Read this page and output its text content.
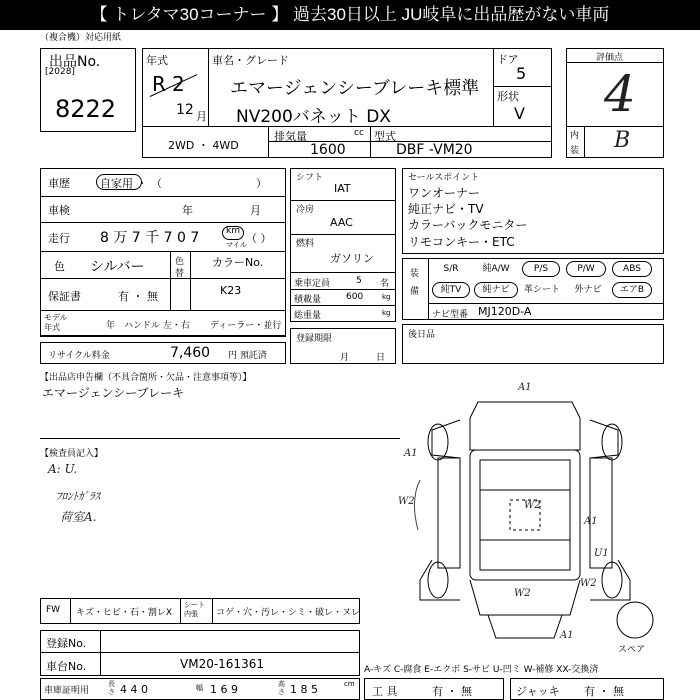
【 トレタマ30コーナー 】 過去30日以上 JU岐阜に出品歴がない車両
（複合機）対応用紙
出品No.
[2028]
8222
年式
R 2
12 月
車名・グレード
エマージェンシーブレーキ標準
NV200バネット DX
ドア
5
形状
V
2WD ・ 4WD
排気量	cc
1600
型式
DBF -VM20
評価点
4
内
装 B
車歴	自家用 ・ （	）
車検	年	月
走行 8 万 7 千 7 0 7	km
マイル （ ）
色 シルバー	色
替
カラーNo.
保証書	有 ・ 無	K23
モデル
年式	年 ハンドル 左・右 ディーラー・並行
リサイクル料金	7,460 円 預託済
シフト
IAT
冷房
AAC
燃料
ガソリン
乗車定員	5 名
積載量	600	kg
総重量	kg
登録期限
月	日
セールスポイント
ワンオーナー
純正ナビ・TV
カラーバックモニター
リモコンキー・ETC
装
備
S/R	純A/W	P/S	P/W	ABS
純TV	純ナビ	革シート	外ナビ	エアB
ナビ型番 MJ120D-A
後日品
【出品店申告欄（不具合箇所・欠品・注意事項等）】
エマージェンシーブレーキ
【検査員記入】
A: U.
ﾌﾛﾝﾄｶﾞﾗｽ
荷室A.
A1
A1
W2	W2
A1
U1
W2
W2
A1
スペア
FW キズ・ヒビ・石・割レX
シート 内張	コゲ・穴・汚レ・シミ・破レ・ヌレ
登録No.
車台No.	VM20-161361	A-キズ C-腐食 E-エクボ S-サビ U-凹ミ W-補修 XX-交換済
車庫証明用
長さ 4 4 0	幅 1 6 9	高さ 1 8 5	cm
工 具	有 ・ 無	ジャッキ 有 ・ 無
